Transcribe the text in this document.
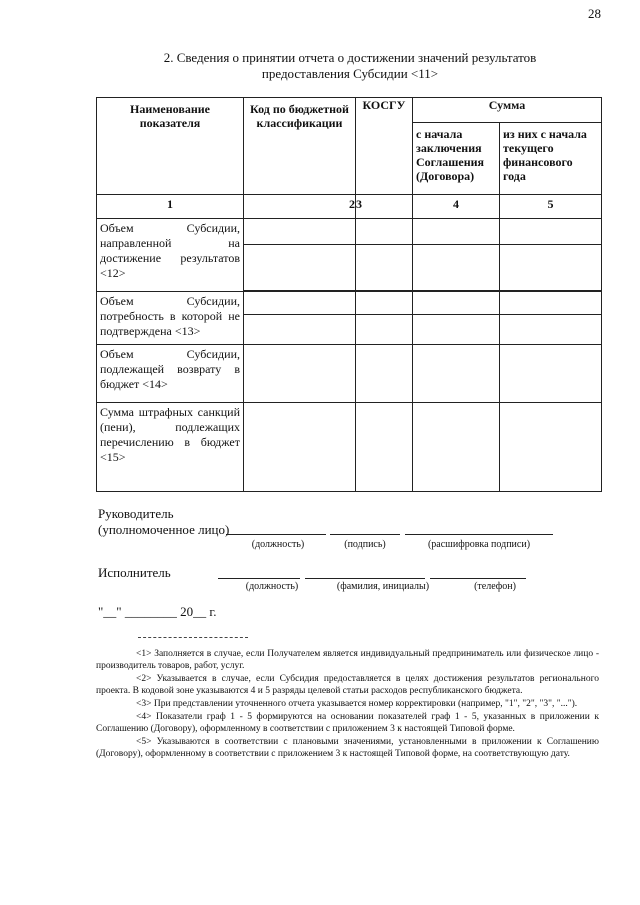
28
2. Сведения о принятии отчета о достижении значений результатов
предоставления Субсидии <11>
Наименование показателя	Код по бюджетной классификации	КОСГУ	Сумма	
			с начала заключения Соглашения (Договора)	из них с начала текущего финансового года
1	2	3	4	5
Объем Субсидии, направленной на достижение результатов <12>				

Объем Субсидии, потребность в которой не подтверждена <13>				

Объем Субсидии, подлежащей возврату в бюджет <14>				
Сумма штрафных санкций (пени), подлежащих перечислению в бюджет <15>				
Руководитель
(уполномоченное лицо)
(должность)	(подпись)	(расшифровка подписи)
Исполнитель
(должность)	(фамилия, инициалы)	(телефон)
"__" ________ 20__ г.

<1> Заполняется в случае, если Получателем является индивидуальный предприниматель или физическое лицо - производитель товаров, работ, услуг.

<2> Указывается в случае, если Субсидия предоставляется в целях достижения результатов регионального проекта. В кодовой зоне указываются 4 и 5 разряды целевой статьи расходов республиканского бюджета.

<3> При представлении уточненного отчета указывается номер корректировки (например, "1", "2", "3", "...").

<4> Показатели граф 1 - 5 формируются на основании показателей граф 1 - 5, указанных в приложении к Соглашению (Договору), оформленному в соответствии с приложением 3 к настоящей Типовой форме.

<5> Указываются в соответствии с плановыми значениями, установленными в приложении к Соглашению (Договору), оформленному в соответствии с приложением 3 к настоящей Типовой форме, на соответствующую дату.
